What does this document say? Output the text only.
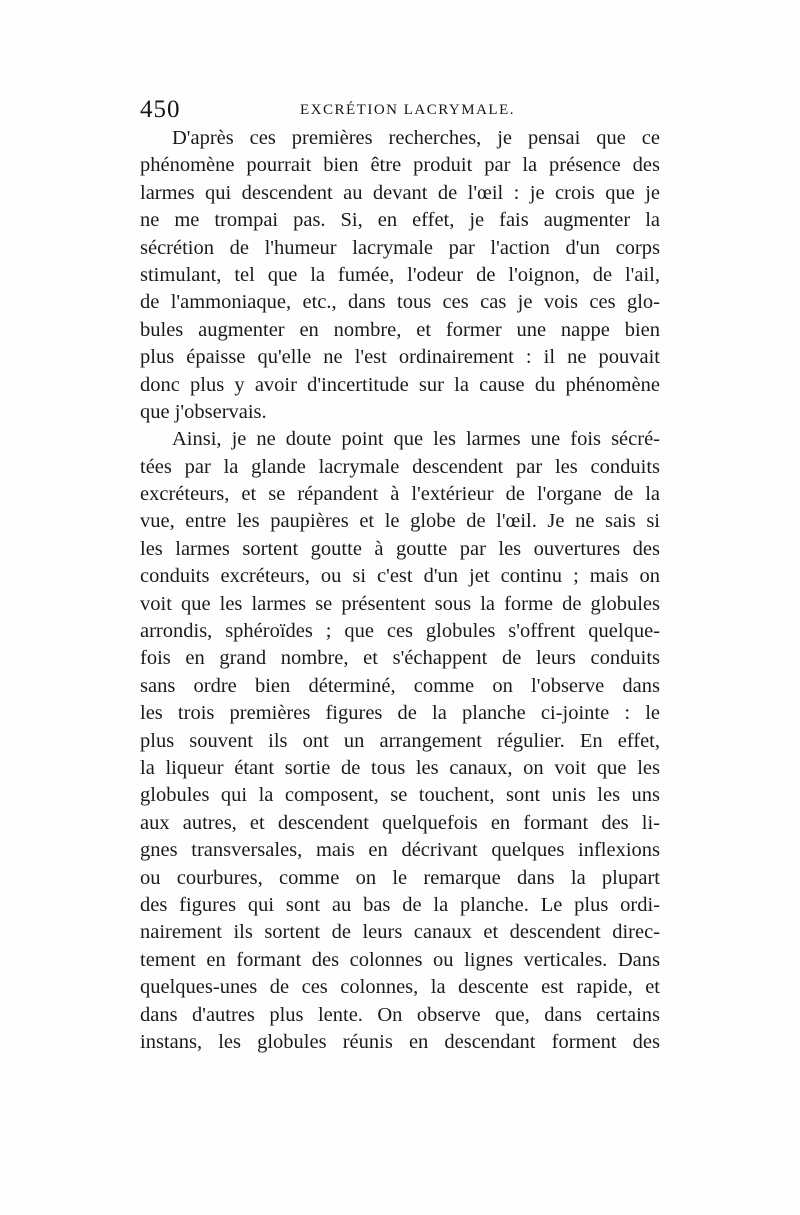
450	EXCRÉTION LACRYMALE.
D'après ces premières recherches, je pensai que ce
phénomène pourrait bien être produit par la présence des
larmes qui descendent au devant de l'œil : je crois que je
ne me trompai pas. Si, en effet, je fais augmenter la
sécrétion de l'humeur lacrymale par l'action d'un corps
stimulant, tel que la fumée, l'odeur de l'oignon, de l'ail,
de l'ammoniaque, etc., dans tous ces cas je vois ces glo-
bules augmenter en nombre, et former une nappe bien
plus épaisse qu'elle ne l'est ordinairement : il ne pouvait
donc plus y avoir d'incertitude sur la cause du phénomène
que j'observais.
Ainsi, je ne doute point que les larmes une fois sécré-
tées par la glande lacrymale descendent par les conduits
excréteurs, et se répandent à l'extérieur de l'organe de la
vue, entre les paupières et le globe de l'œil. Je ne sais si
les larmes sortent goutte à goutte par les ouvertures des
conduits excréteurs, ou si c'est d'un jet continu ; mais on
voit que les larmes se présentent sous la forme de globules
arrondis, sphéroïdes ; que ces globules s'offrent quelque-
fois en grand nombre, et s'échappent de leurs conduits
sans ordre bien déterminé, comme on l'observe dans
les trois premières figures de la planche ci-jointe : le
plus souvent ils ont un arrangement régulier. En effet,
la liqueur étant sortie de tous les canaux, on voit que les
globules qui la composent, se touchent, sont unis les uns
aux autres, et descendent quelquefois en formant des li-
gnes transversales, mais en décrivant quelques inflexions
ou courbures, comme on le remarque dans la plupart
des figures qui sont au bas de la planche. Le plus ordi-
nairement ils sortent de leurs canaux et descendent direc-
tement en formant des colonnes ou lignes verticales. Dans
quelques-unes de ces colonnes, la descente est rapide, et
dans d'autres plus lente. On observe que, dans certains
instans, les globules réunis en descendant forment des
